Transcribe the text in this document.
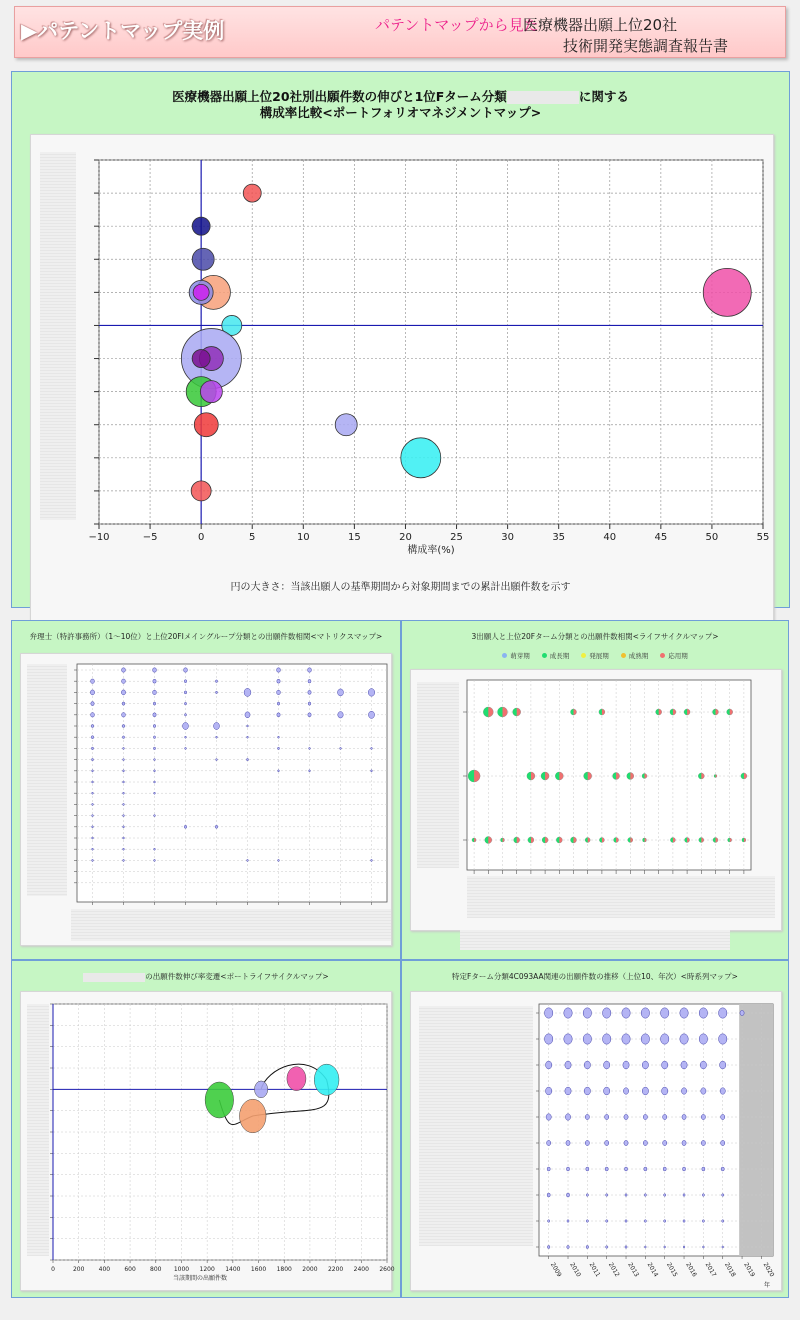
▶パテントマップ実例	パテントマップから見た
医療機器出願上位20社
技術開発実態調査報告書
医療機器出願上位20社別出願件数の伸びと1位Fターム分類	に関する
構成率比較<ポートフォリオマネジメントマップ>
−10	−5	0	5	10	15	20	25	30	35	40	45	50	55
構成率(%)
円の大きさ：当該出願人の基準期間から対象期間までの累計出願件数を示す
弁理士（特許事務所）（1～10位）と上位20FIメイングループ分類との出願件数相関<マトリクスマップ>	3出願人と上位20Fターム分類との出願件数相関<ライフサイクルマップ>
萌芽期	成長期	発展期	成熟期	応用期
の出願件数伸び率変遷<ポートライフサイクルマップ>
0	200 400 600 800 1000 1200 1400 1600 1800 2000 2200 2400 2600
当該期間の出願件数
特定Fターム分類4C093AA関連の出願件数の推移（上位10、年次）<時系列マップ>
2009 2010 2011 2012 2013 2014 2015 2016 2017 2018 2019 2020
年
